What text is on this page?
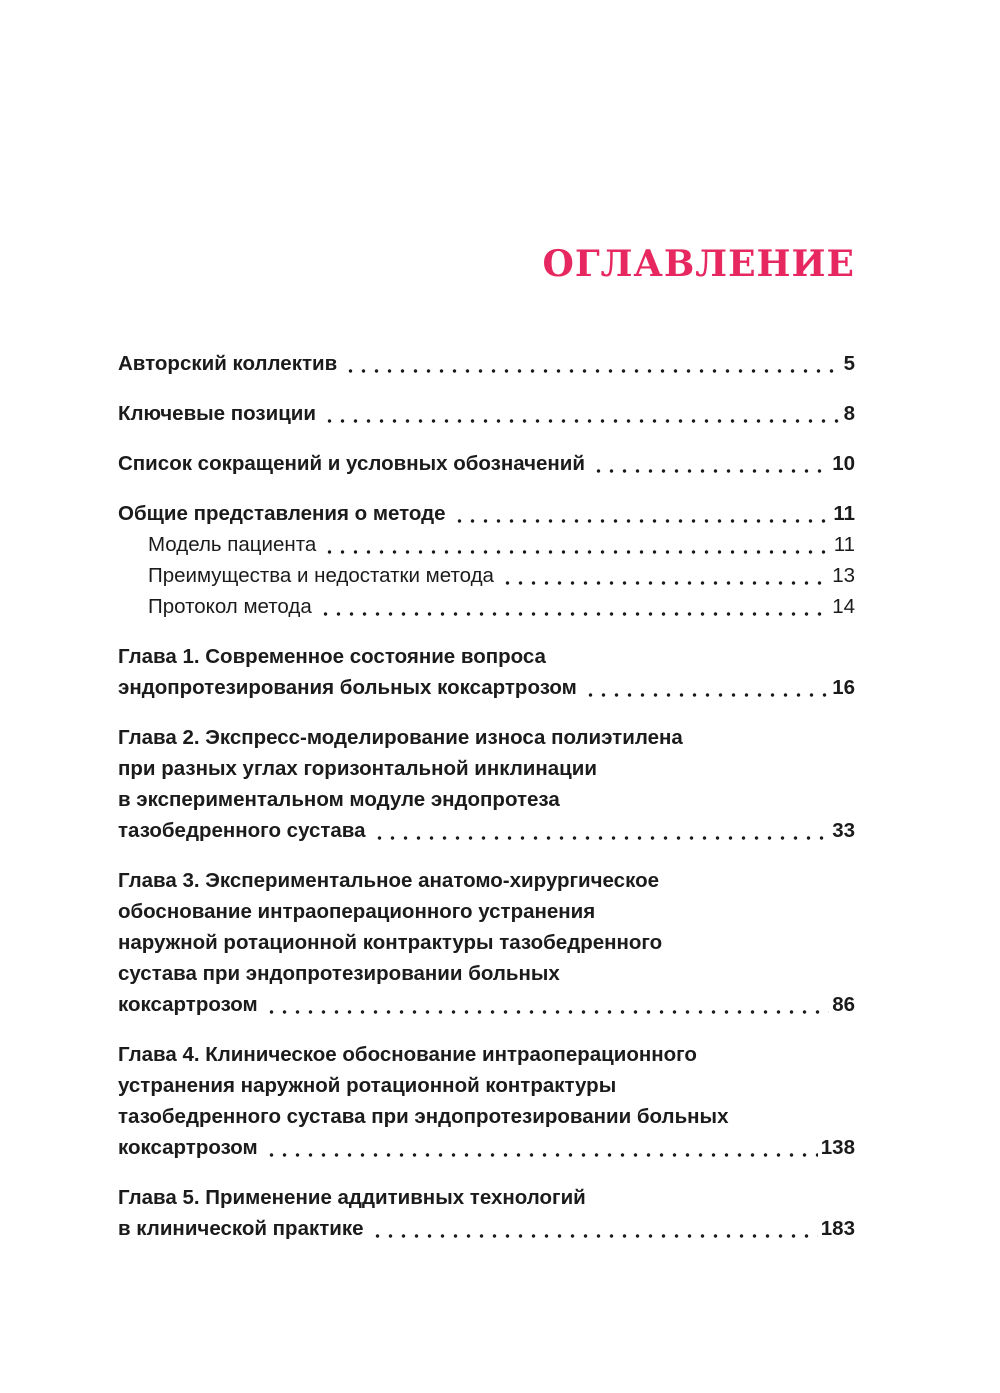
ОГЛАВЛЕНИЕ
Авторский коллектив	5
Ключевые позиции	8
Список сокращений и условных обозначений	10
Общие представления о методе	11
Модель пациента	11
Преимущества и недостатки метода	13
Протокол метода	14
Глава 1. Современное состояние вопроса
эндопротезирования больных коксартрозом	16
Глава 2. Экспресс-моделирование износа полиэтилена
при разных углах горизонтальной инклинации
в экспериментальном модуле эндопротеза
тазобедренного сустава	33
Глава 3. Экспериментальное анатомо-хирургическое
обоснование интраоперационного устранения
наружной ротационной контрактуры тазобедренного
сустава при эндопротезировании больных
коксартрозом	86
Глава 4. Клиническое обоснование интраоперационного
устранения наружной ротационной контрактуры
тазобедренного сустава при эндопротезировании больных
коксартрозом	138
Глава 5. Применение аддитивных технологий
в клинической практике	183
